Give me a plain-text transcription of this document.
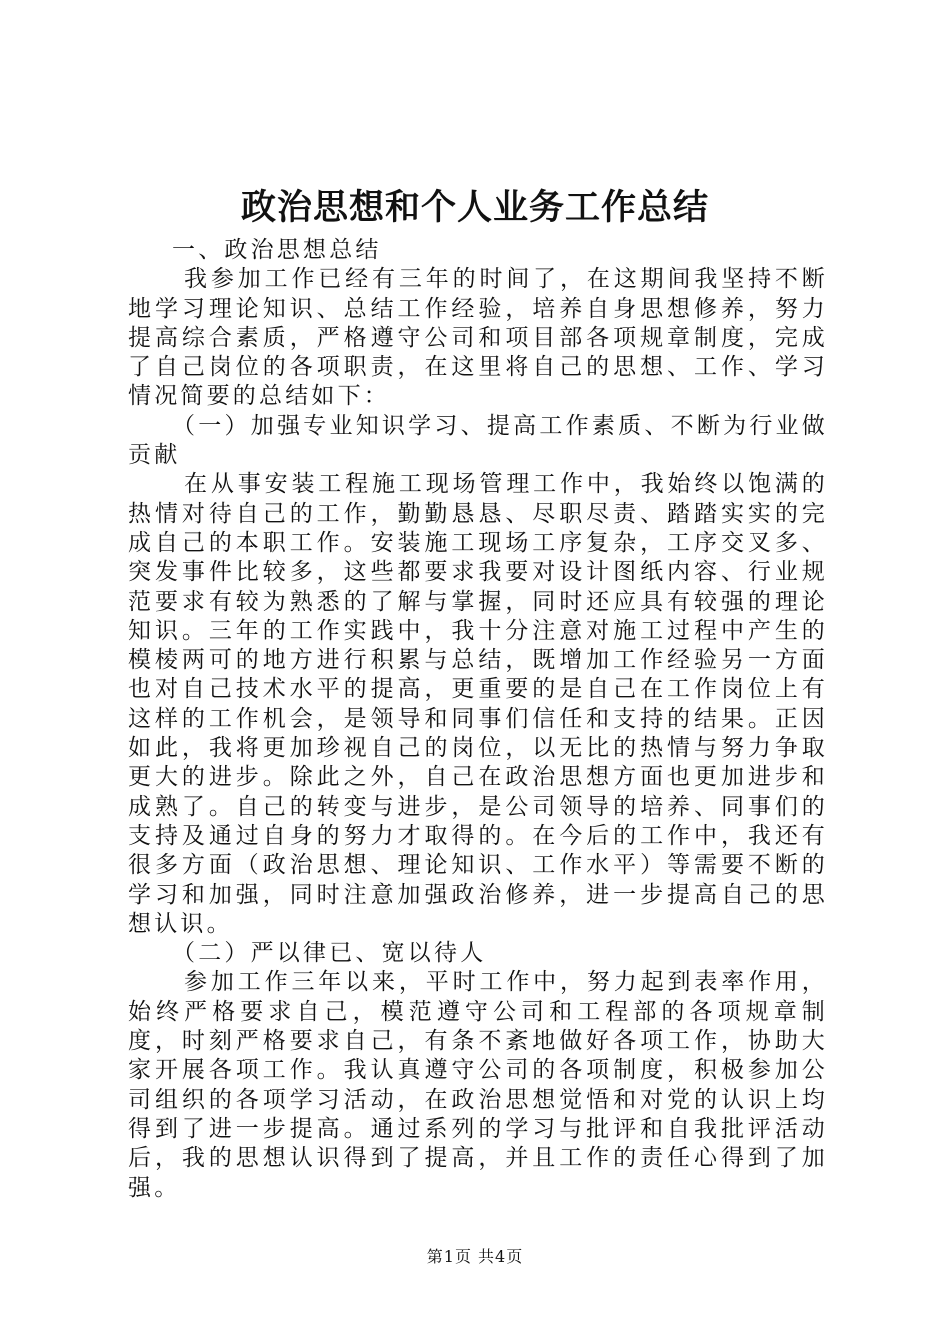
政治思想和个人业务工作总结

一、政治思想总结

我参加工作已经有三年的时间了，在这期间我坚持不断地学习理论知识、总结工作经验，培养自身思想修养，努力提高综合素质，严格遵守公司和项目部各项规章制度，完成了自己岗位的各项职责，在这里将自己的思想、工作、学习情况简要的总结如下：

（一）加强专业知识学习、提高工作素质、不断为行业做贡献

在从事安装工程施工现场管理工作中，我始终以饱满的热情对待自己的工作，勤勤恳恳、尽职尽责、踏踏实实的完成自己的本职工作。安装施工现场工序复杂，工序交叉多、突发事件比较多，这些都要求我要对设计图纸内容、行业规范要求有较为熟悉的了解与掌握，同时还应具有较强的理论知识。三年的工作实践中，我十分注意对施工过程中产生的模棱两可的地方进行积累与总结，既增加工作经验另一方面也对自己技术水平的提高，更重要的是自己在工作岗位上有这样的工作机会，是领导和同事们信任和支持的结果。正因如此，我将更加珍视自己的岗位，以无比的热情与努力争取更大的进步。除此之外，自己在政治思想方面也更加进步和成熟了。自己的转变与进步，是公司领导的培养、同事们的支持及通过自身的努力才取得的。在今后的工作中，我还有很多方面（政治思想、理论知识、工作水平）等需要不断的学习和加强，同时注意加强政治修养，进一步提高自己的思想认识。

（二）严以律已、宽以待人

参加工作三年以来，平时工作中，努力起到表率作用，始终严格要求自己，模范遵守公司和工程部的各项规章制度，时刻严格要求自己，有条不紊地做好各项工作，协助大家开展各项工作。我认真遵守公司的各项制度，积极参加公司组织的各项学习活动，在政治思想觉悟和对党的认识上均得到了进一步提高。通过系列的学习与批评和自我批评活动后，我的思想认识得到了提高，并且工作的责任心得到了加强。

第1页 共4页
